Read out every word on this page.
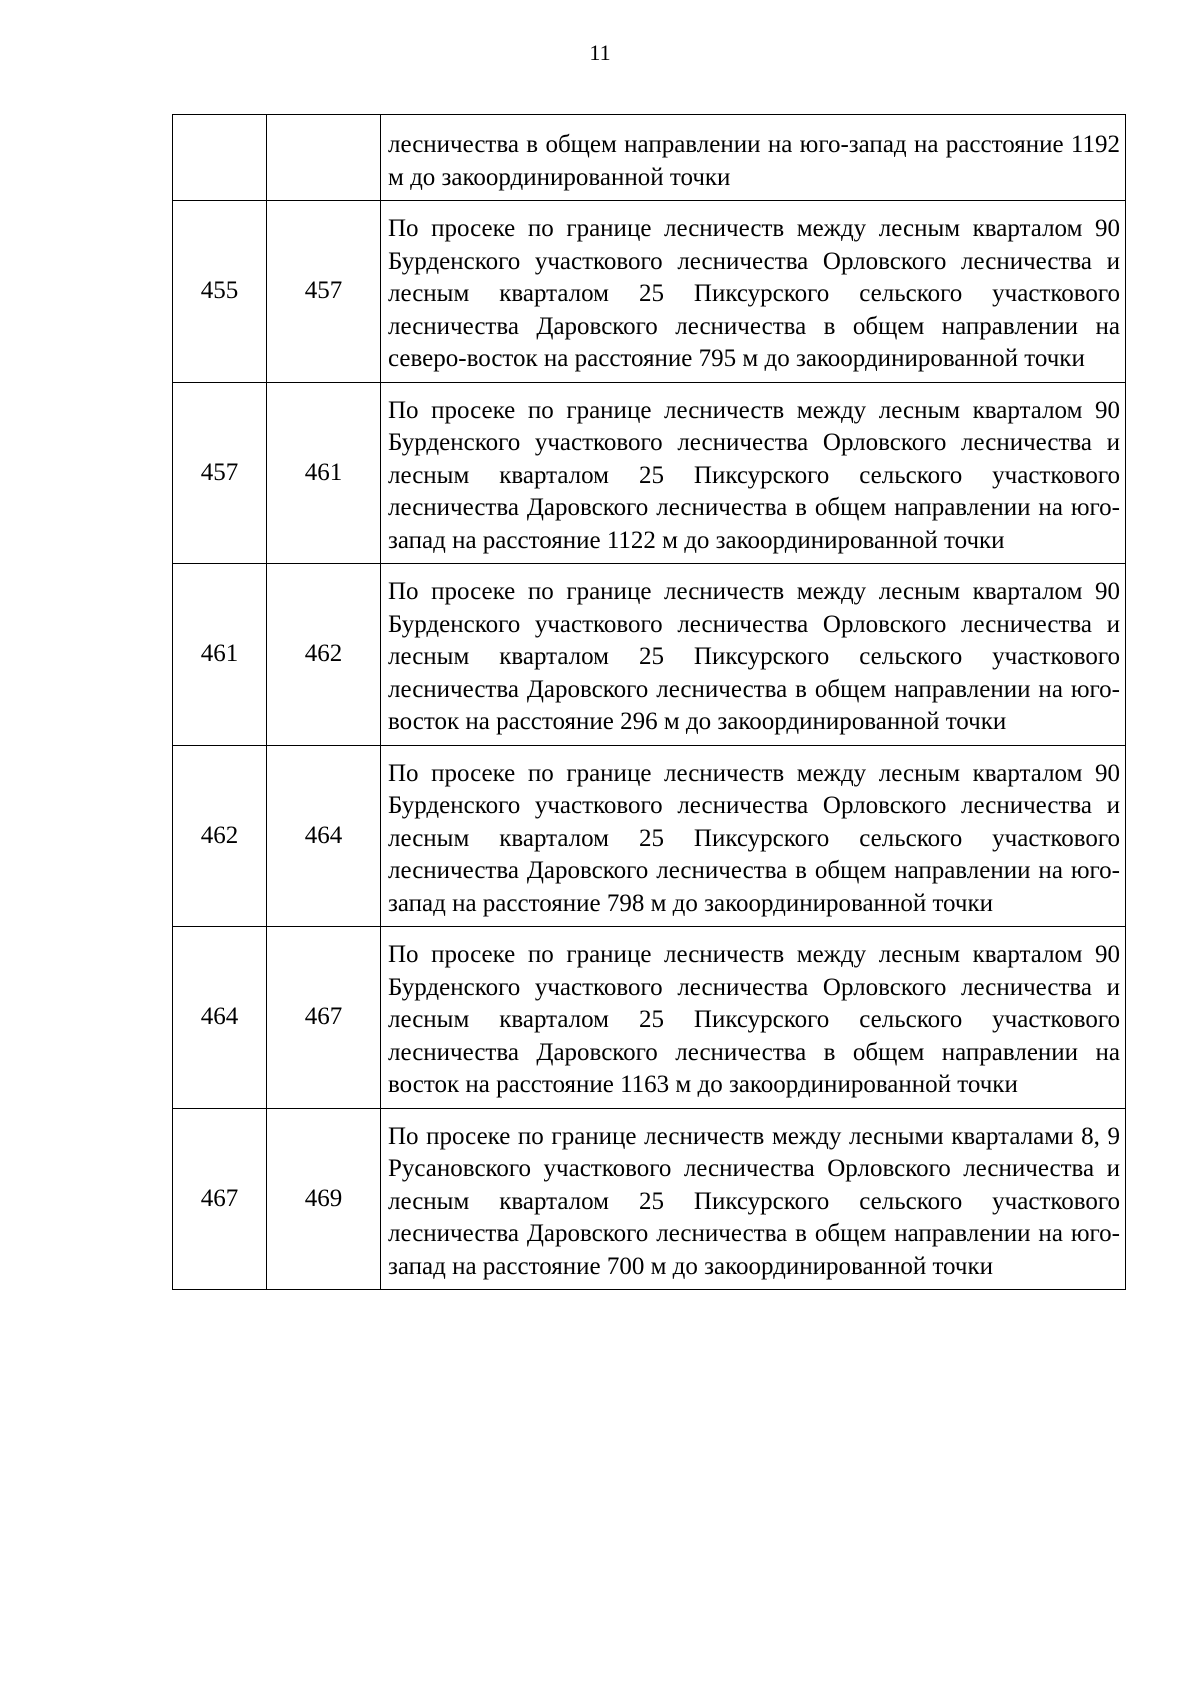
11
		лесничества в общем направлении на юго-запад на расстояние 1192 м до закоординированной точки
455	457	По просеке по границе лесничеств между лесным кварталом 90 Бурденского участкового лесничества Орловского лесничества и лесным кварталом 25 Пиксурского сельского участкового лесничества Даровского лесничества в общем направлении на северо-восток на расстояние 795 м до закоординированной точки
457	461	По просеке по границе лесничеств между лесным кварталом 90 Бурденского участкового лесничества Орловского лесничества и лесным кварталом 25 Пиксурского сельского участкового лесничества Даровского лесничества в общем направлении на юго-запад на расстояние 1122 м до закоординированной точки
461	462	По просеке по границе лесничеств между лесным кварталом 90 Бурденского участкового лесничества Орловского лесничества и лесным кварталом 25 Пиксурского сельского участкового лесничества Даровского лесничества в общем направлении на юго-восток на расстояние 296 м до закоординированной точки
462	464	По просеке по границе лесничеств между лесным кварталом 90 Бурденского участкового лесничества Орловского лесничества и лесным кварталом 25 Пиксурского сельского участкового лесничества Даровского лесничества в общем направлении на юго-запад на расстояние 798 м до закоординированной точки
464	467	По просеке по границе лесничеств между лесным кварталом 90 Бурденского участкового лесничества Орловского лесничества и лесным кварталом 25 Пиксурского сельского участкового лесничества Даровского лесничества в общем направлении на восток на расстояние 1163 м до закоординированной точки
467	469	По просеке по границе лесничеств между лесными кварталами 8, 9 Русановского участкового лесничества Орловского лесничества и лесным кварталом 25 Пиксурского сельского участкового лесничества Даровского лесничества в общем направлении на юго-запад на расстояние 700 м до закоординированной точки
